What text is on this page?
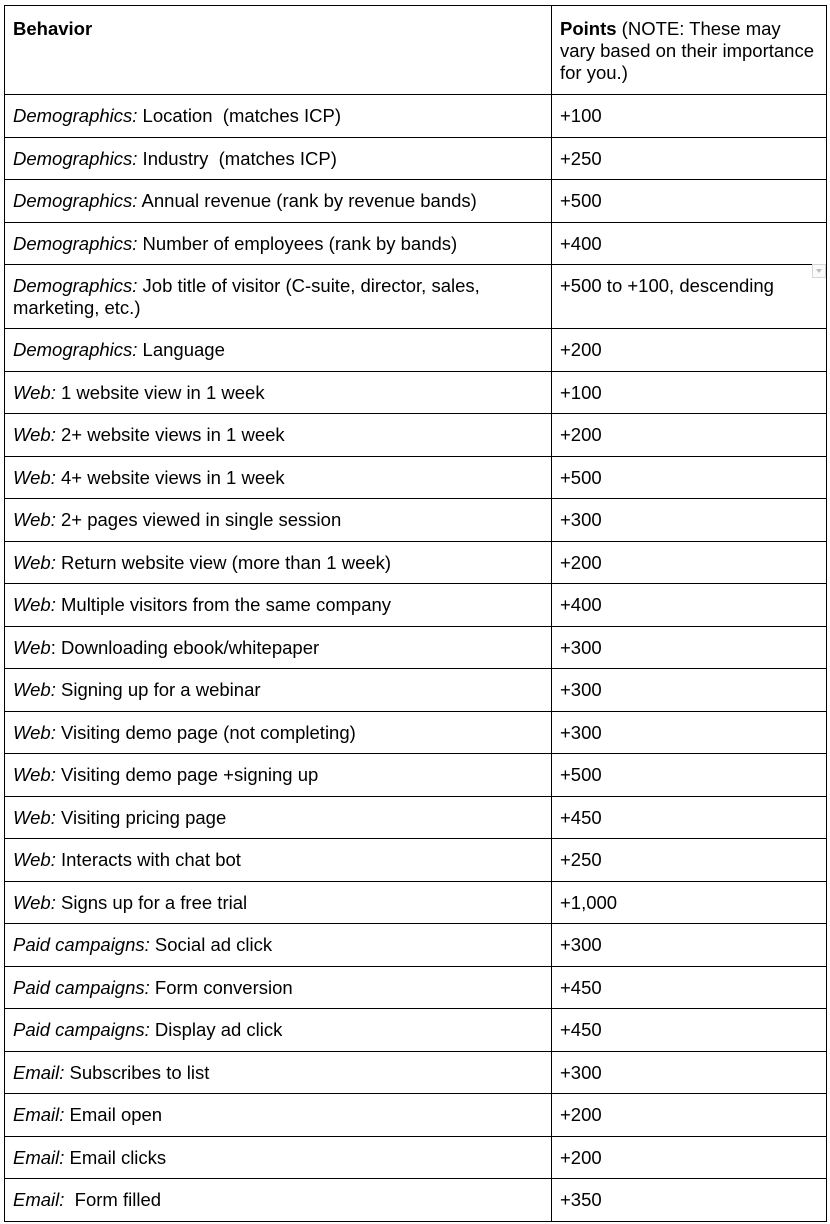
Behavior	Points (NOTE: These may vary based on their importance for you.)
Demographics: Location  (matches ICP)	+100
Demographics: Industry  (matches ICP)	+250
Demographics: Annual revenue (rank by revenue bands)	+500
Demographics: Number of employees (rank by bands)	+400
Demographics: Job title of visitor (C-suite, director, sales, marketing, etc.)	+500 to +100, descending
Demographics: Language	+200
Web: 1 website view in 1 week	+100
Web: 2+ website views in 1 week	+200
Web: 4+ website views in 1 week	+500
Web: 2+ pages viewed in single session	+300
Web: Return website view (more than 1 week)	+200
Web: Multiple visitors from the same company	+400
Web: Downloading ebook/whitepaper	+300
Web: Signing up for a webinar	+300
Web: Visiting demo page (not completing)	+300
Web: Visiting demo page +signing up	+500
Web: Visiting pricing page	+450
Web: Interacts with chat bot	+250
Web: Signs up for a free trial	+1,000
Paid campaigns: Social ad click	+300
Paid campaigns: Form conversion	+450
Paid campaigns: Display ad click	+450
Email: Subscribes to list	+300
Email: Email open	+200
Email: Email clicks	+200
Email:  Form filled	+350
